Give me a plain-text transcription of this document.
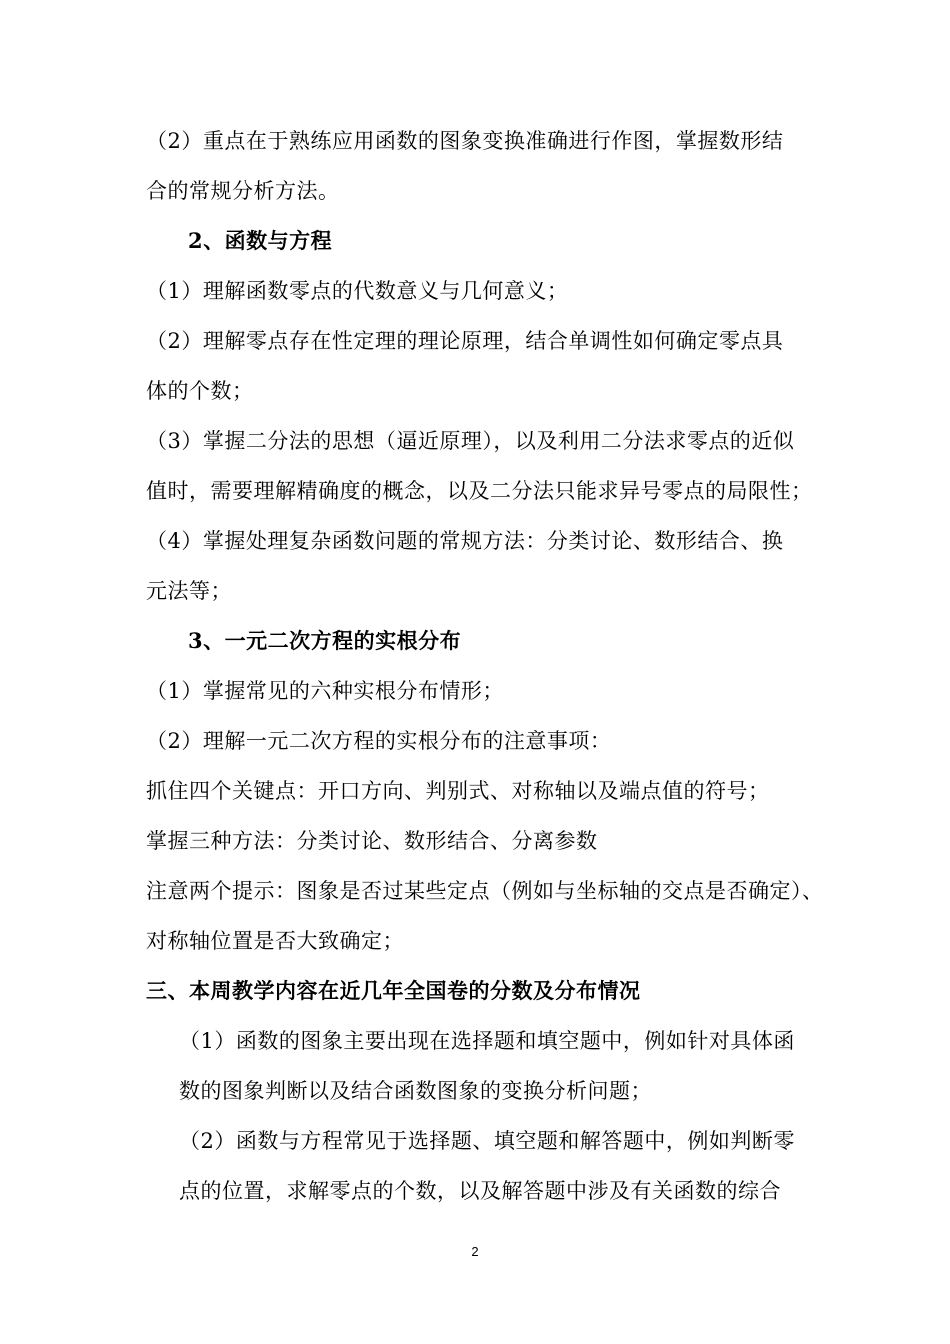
（2）重点在于熟练应用函数的图象变换准确进行作图，掌握数形结
合的常规分析方法。
2、函数与方程
（1）理解函数零点的代数意义与几何意义；
（2）理解零点存在性定理的理论原理，结合单调性如何确定零点具
体的个数；
（3）掌握二分法的思想（逼近原理），以及利用二分法求零点的近似
值时，需要理解精确度的概念，以及二分法只能求异号零点的局限性；
（4）掌握处理复杂函数问题的常规方法：分类讨论、数形结合、换
元法等；
3、一元二次方程的实根分布
（1）掌握常见的六种实根分布情形；
（2）理解一元二次方程的实根分布的注意事项：
抓住四个关键点：开口方向、判别式、对称轴以及端点值的符号；
掌握三种方法：分类讨论、数形结合、分离参数
注意两个提示：图象是否过某些定点（例如与坐标轴的交点是否确定）、
对称轴位置是否大致确定；
三、本周教学内容在近几年全国卷的分数及分布情况
（1）函数的图象主要出现在选择题和填空题中，例如针对具体函
数的图象判断以及结合函数图象的变换分析问题；
（2）函数与方程常见于选择题、填空题和解答题中，例如判断零
点的位置，求解零点的个数，以及解答题中涉及有关函数的综合
2
